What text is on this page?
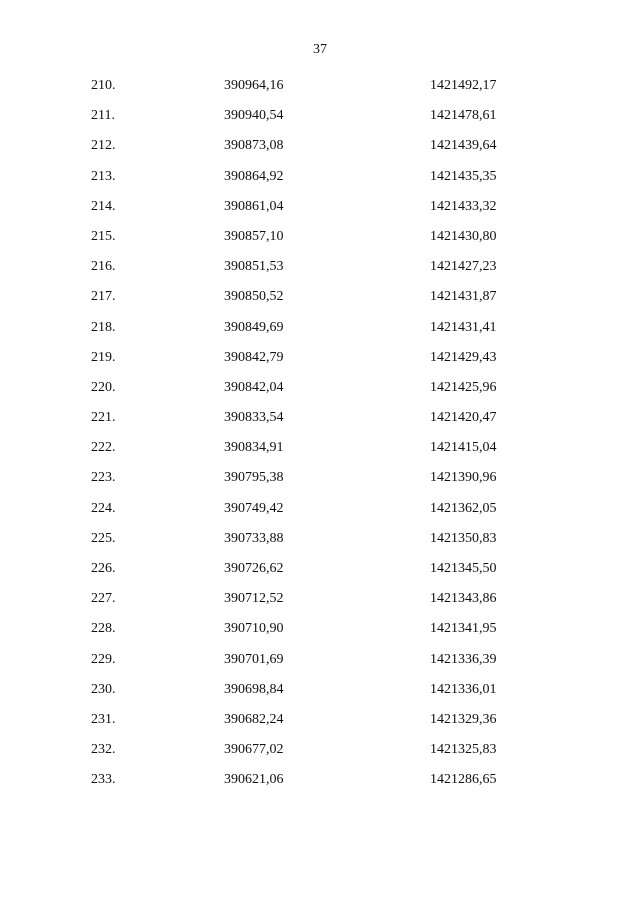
37
210.	390964,16	1421492,17
211.	390940,54	1421478,61
212.	390873,08	1421439,64
213.	390864,92	1421435,35
214.	390861,04	1421433,32
215.	390857,10	1421430,80
216.	390851,53	1421427,23
217.	390850,52	1421431,87
218.	390849,69	1421431,41
219.	390842,79	1421429,43
220.	390842,04	1421425,96
221.	390833,54	1421420,47
222.	390834,91	1421415,04
223.	390795,38	1421390,96
224.	390749,42	1421362,05
225.	390733,88	1421350,83
226.	390726,62	1421345,50
227.	390712,52	1421343,86
228.	390710,90	1421341,95
229.	390701,69	1421336,39
230.	390698,84	1421336,01
231.	390682,24	1421329,36
232.	390677,02	1421325,83
233.	390621,06	1421286,65
